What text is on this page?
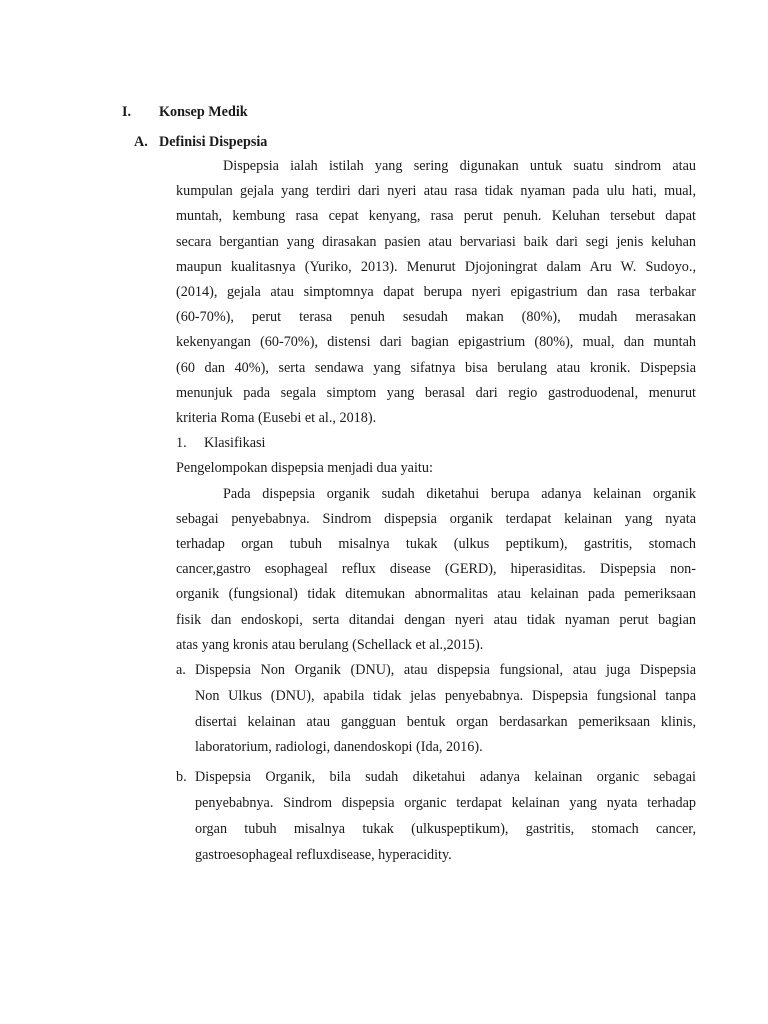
I. Konsep Medik
A. Definisi Dispepsia
Dispepsia ialah istilah yang sering digunakan untuk suatu sindrom atau
kumpulan gejala yang terdiri dari nyeri atau rasa tidak nyaman pada ulu hati, mual,
muntah, kembung rasa cepat kenyang, rasa perut penuh. Keluhan tersebut dapat
secara bergantian yang dirasakan pasien atau bervariasi baik dari segi jenis keluhan
maupun kualitasnya (Yuriko, 2013). Menurut Djojoningrat dalam Aru W. Sudoyo.,
(2014), gejala atau simptomnya dapat berupa nyeri epigastrium dan rasa terbakar
(60-70%), perut terasa penuh sesudah makan (80%), mudah merasakan
kekenyangan (60-70%), distensi dari bagian epigastrium (80%), mual, dan muntah
(60 dan 40%), serta sendawa yang sifatnya bisa berulang atau kronik. Dispepsia
menunjuk pada segala simptom yang berasal dari regio gastroduodenal, menurut
kriteria Roma (Eusebi et al., 2018).
1. Klasifikasi
Pengelompokan dispepsia menjadi dua yaitu:
Pada dispepsia organik sudah diketahui berupa adanya kelainan organik
sebagai penyebabnya. Sindrom dispepsia organik terdapat kelainan yang nyata
terhadap organ tubuh misalnya tukak (ulkus peptikum), gastritis, stomach
cancer,gastro esophageal reflux disease (GERD), hiperasiditas. Dispepsia non-
organik (fungsional) tidak ditemukan abnormalitas atau kelainan pada pemeriksaan
fisik dan endoskopi, serta ditandai dengan nyeri atau tidak nyaman perut bagian
atas yang kronis atau berulang (Schellack et al.,2015).
a. Dispepsia Non Organik (DNU), atau dispepsia fungsional, atau juga Dispepsia
Non Ulkus (DNU), apabila tidak jelas penyebabnya. Dispepsia fungsional tanpa
disertai kelainan atau gangguan bentuk organ berdasarkan pemeriksaan klinis,
laboratorium, radiologi, danendoskopi (Ida, 2016).
b. Dispepsia Organik, bila sudah diketahui adanya kelainan organic sebagai
penyebabnya. Sindrom dispepsia organic terdapat kelainan yang nyata terhadap
organ tubuh misalnya tukak (ulkuspeptikum), gastritis, stomach cancer,
gastroesophageal refluxdisease, hyperacidity.
